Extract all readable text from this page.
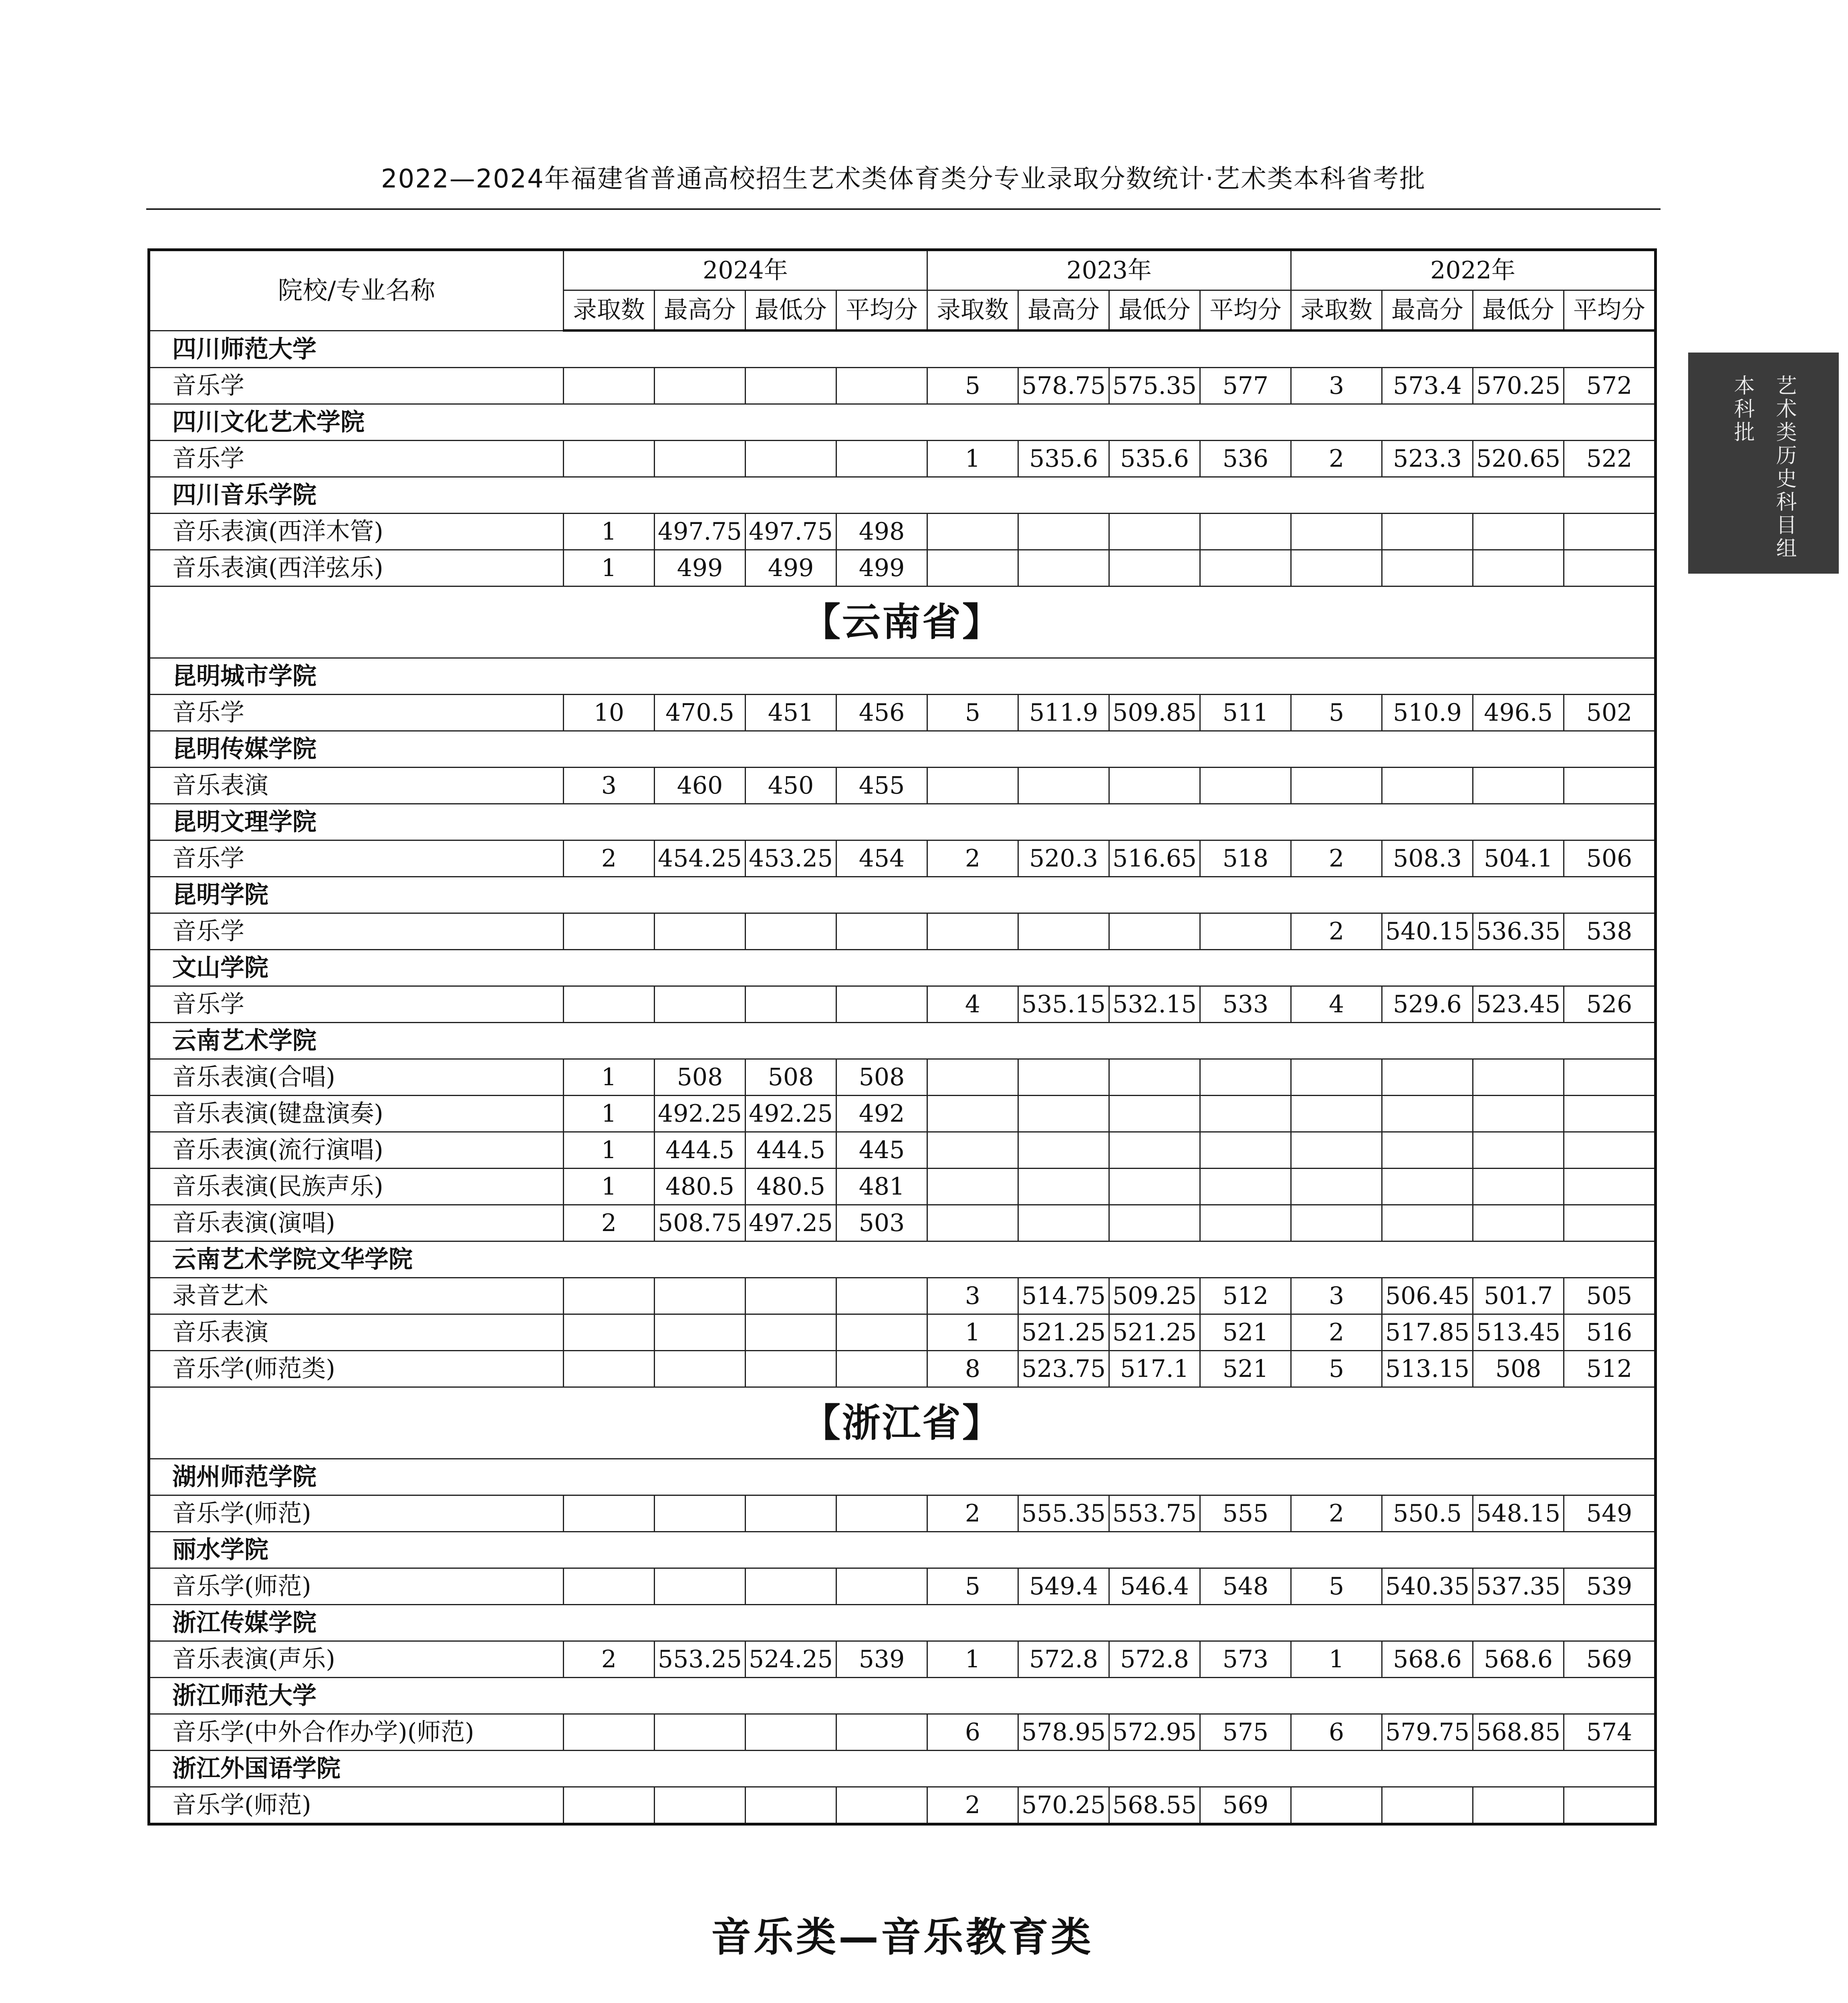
2022—2024年福建省普通高校招生艺术类体育类分专业录取分数统计·艺术类本科省考批
院校/专业名称	2024年				2023年				2022年			
	录取数	最高分	最低分	平均分	录取数	最高分	最低分	平均分	录取数	最高分	最低分	平均分
四川师范大学												
音乐学					5	578.75	575.35	577	3	573.4	570.25	572
四川文化艺术学院												
音乐学					1	535.6	535.6	536	2	523.3	520.65	522
四川音乐学院												
音乐表演(西洋木管)	1	497.75	497.75	498								
音乐表演(西洋弦乐)	1	499	499	499								
【云南省】												
昆明城市学院												
音乐学	10	470.5	451	456	5	511.9	509.85	511	5	510.9	496.5	502
昆明传媒学院												
音乐表演	3	460	450	455								
昆明文理学院												
音乐学	2	454.25	453.25	454	2	520.3	516.65	518	2	508.3	504.1	506
昆明学院												
音乐学									2	540.15	536.35	538
文山学院												
音乐学					4	535.15	532.15	533	4	529.6	523.45	526
云南艺术学院												
音乐表演(合唱)	1	508	508	508								
音乐表演(键盘演奏)	1	492.25	492.25	492								
音乐表演(流行演唱)	1	444.5	444.5	445								
音乐表演(民族声乐)	1	480.5	480.5	481								
音乐表演(演唱)	2	508.75	497.25	503								
云南艺术学院文华学院												
录音艺术					3	514.75	509.25	512	3	506.45	501.7	505
音乐表演					1	521.25	521.25	521	2	517.85	513.45	516
音乐学(师范类)					8	523.75	517.1	521	5	513.15	508	512
【浙江省】												
湖州师范学院												
音乐学(师范)					2	555.35	553.75	555	2	550.5	548.15	549
丽水学院												
音乐学(师范)					5	549.4	546.4	548	5	540.35	537.35	539
浙江传媒学院												
音乐表演(声乐)	2	553.25	524.25	539	1	572.8	572.8	573	1	568.6	568.6	569
浙江师范大学												
音乐学(中外合作办学)(师范)					6	578.95	572.95	575	6	579.75	568.85	574
浙江外国语学院												
音乐学(师范)					2	570.25	568.55	569				
音乐类—音乐教育类

艺术类历史科目组
本科批
